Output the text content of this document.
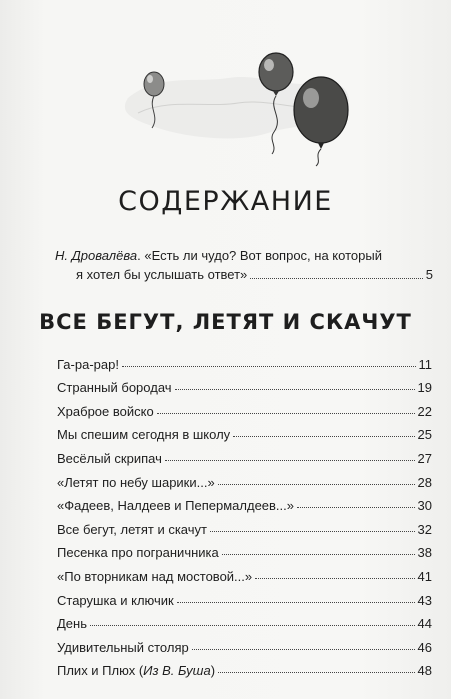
СОДЕРЖАНИЕ
Н. Дровалёва. «Есть ли чудо? Вот вопрос, на который
я хотел бы услышать ответ»	5
ВСЕ БЕГУТ, ЛЕТЯТ И СКАЧУТ
Га-ра-рар!	11
Странный бородач	19
Храброе войско	22
Мы спешим сегодня в школу	25
Весёлый скрипач	27
«Летят по небу шарики...»	28
«Фадеев, Налдеев и Пепермалдеев...»	30
Все бегут, летят и скачут	32
Песенка про пограничника	38
«По вторникам над мостовой...»	41
Старушка и ключик	43
День	44
Удивительный столяр	46
Плих и Плюх (Из В. Буша)	48
